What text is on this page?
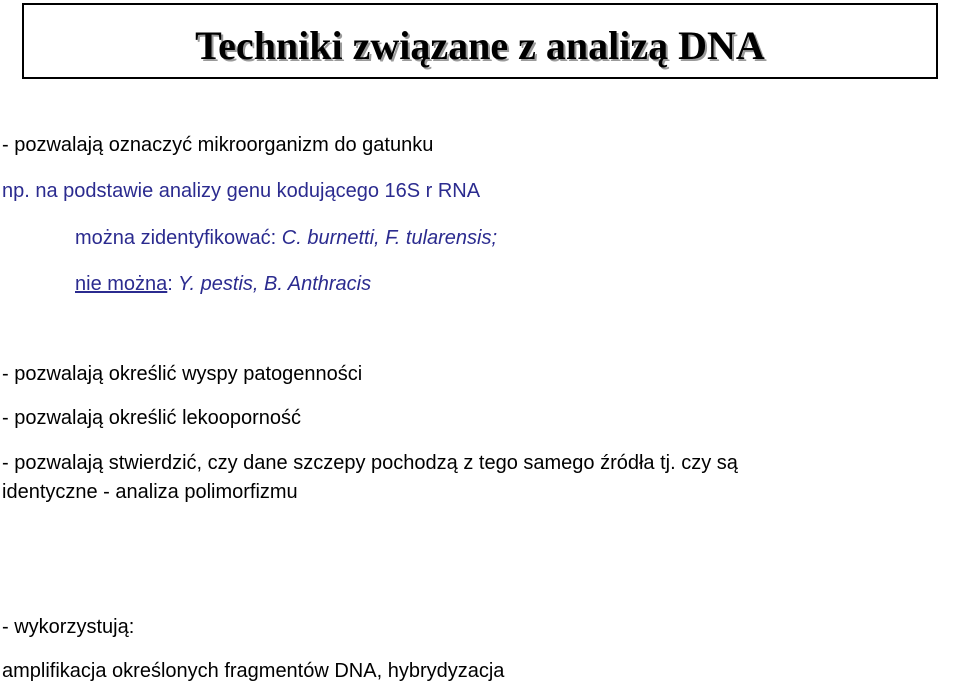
Techniki związane z analizą DNA
- pozwalają oznaczyć mikroorganizm do gatunku
np. na podstawie analizy genu kodującego 16S r RNA
można zidentyfikować: C. burnetti, F. tularensis;
nie można: Y. pestis, B. Anthracis
- pozwalają określić wyspy patogenności
- pozwalają określić lekooporność
- pozwalają stwierdzić, czy dane szczepy pochodzą z tego samego źródła tj. czy są
identyczne - analiza polimorfizmu
- wykorzystują:
amplifikacja określonych fragmentów DNA, hybrydyzacja
